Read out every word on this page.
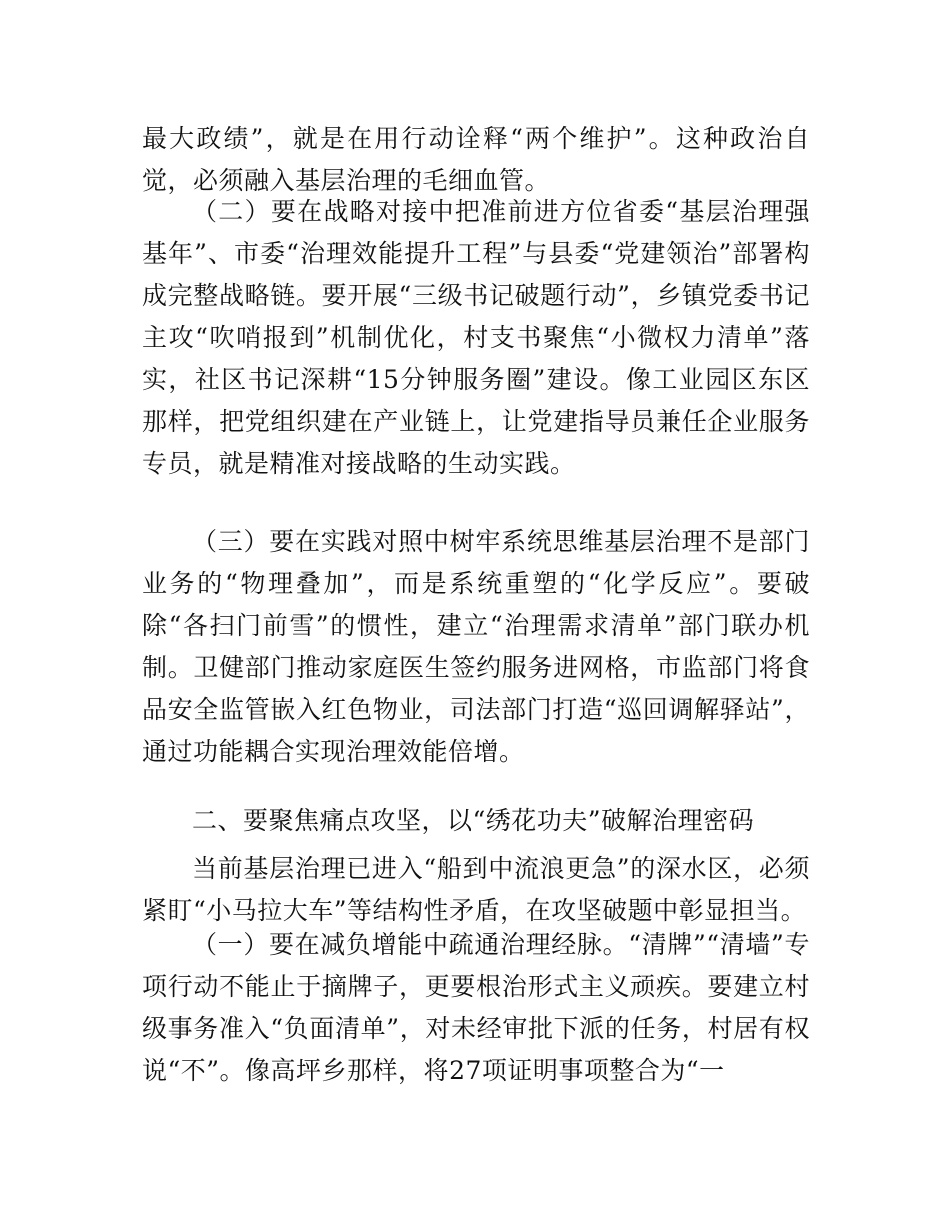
最大政绩”，就是在用行动诠释“两个维护”。这种政治自觉，必须融入基层治理的毛细血管。

（二）要在战略对接中把准前进方位省委“基层治理强基年”、市委“治理效能提升工程”与县委“党建领治”部署构成完整战略链。要开展“三级书记破题行动”，乡镇党委书记主攻“吹哨报到”机制优化，村支书聚焦“小微权力清单”落实，社区书记深耕“15分钟服务圈”建设。像工业园区东区那样，把党组织建在产业链上，让党建指导员兼任企业服务专员，就是精准对接战略的生动实践。

（三）要在实践对照中树牢系统思维基层治理不是部门业务的“物理叠加”，而是系统重塑的“化学反应”。要破除“各扫门前雪”的惯性，建立“治理需求清单”部门联办机制。卫健部门推动家庭医生签约服务进网格，市监部门将食品安全监管嵌入红色物业，司法部门打造“巡回调解驿站”，通过功能耦合实现治理效能倍增。

二、要聚焦痛点攻坚，以“绣花功夫”破解治理密码

当前基层治理已进入“船到中流浪更急”的深水区，必须紧盯“小马拉大车”等结构性矛盾，在攻坚破题中彰显担当。

（一）要在减负增能中疏通治理经脉。“清牌”“清墙”专项行动不能止于摘牌子，更要根治形式主义顽疾。要建立村级事务准入“负面清单”，对未经审批下派的任务，村居有权说“不”。像高坪乡那样，将27项证明事项整合为“一
